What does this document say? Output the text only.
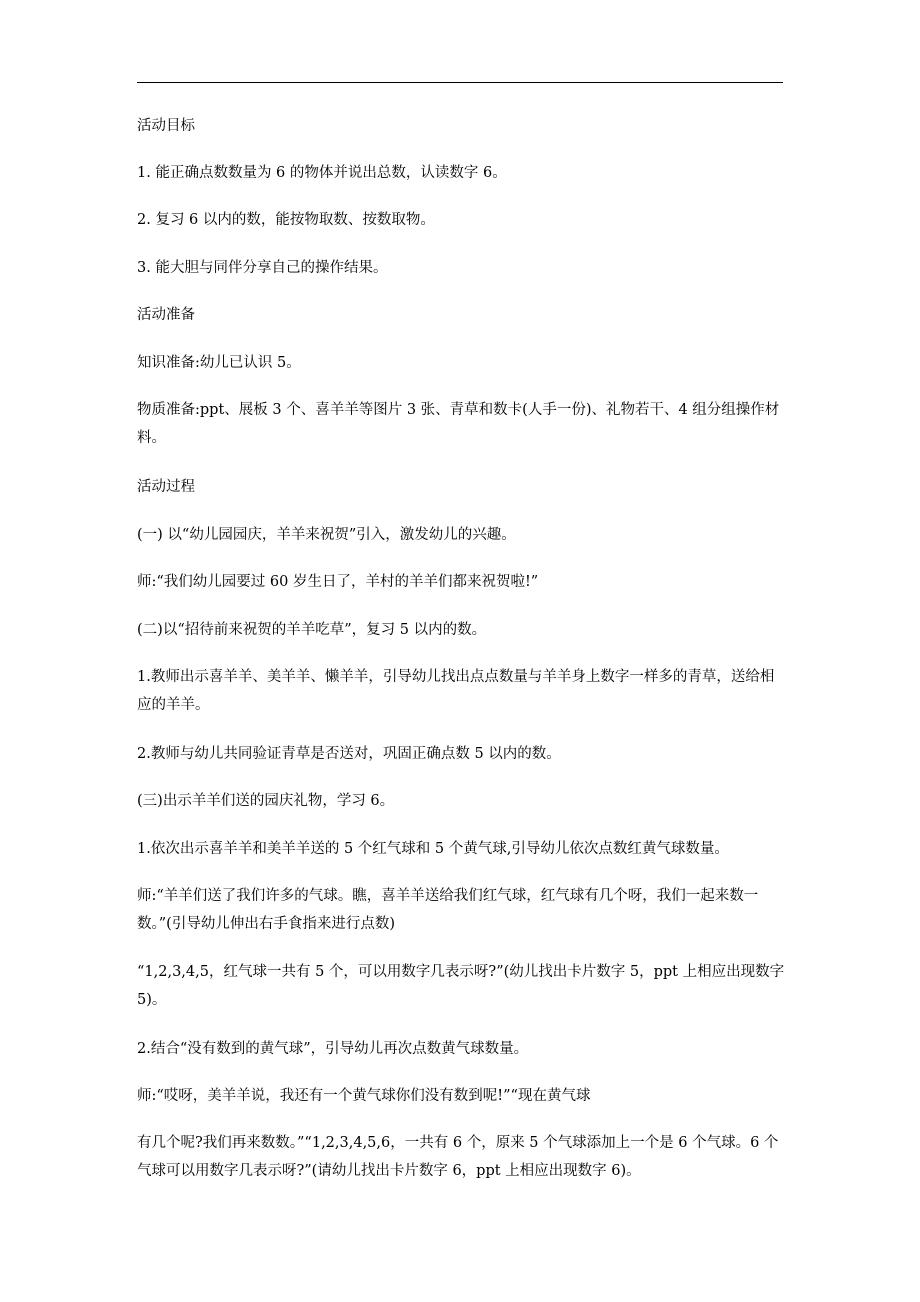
活动目标
1. 能正确点数数量为 6 的物体并说出总数，认读数字 6。
2. 复习 6 以内的数，能按物取数、按数取物。
3. 能大胆与同伴分享自己的操作结果。
活动准备
知识准备:幼儿已认识 5。
物质准备:ppt、展板 3 个、喜羊羊等图片 3 张、青草和数卡(人手一份)、礼物若干、4 组分组操作材料。
活动过程
(一) 以“幼儿园园庆，羊羊来祝贺”引入，激发幼儿的兴趣。
师:“我们幼儿园要过 60 岁生日了，羊村的羊羊们都来祝贺啦!”
(二)以“招待前来祝贺的羊羊吃草”，复习 5 以内的数。
1.教师出示喜羊羊、美羊羊、懒羊羊，引导幼儿找出点点数量与羊羊身上数字一样多的青草，送给相应的羊羊。
2.教师与幼儿共同验证青草是否送对，巩固正确点数 5 以内的数。
(三)出示羊羊们送的园庆礼物，学习 6。
1.依次出示喜羊羊和美羊羊送的 5 个红气球和 5 个黄气球,引导幼儿依次点数红黄气球数量。
师:“羊羊们送了我们许多的气球。瞧，喜羊羊送给我们红气球，红气球有几个呀，我们一起来数一数。”(引导幼儿伸出右手食指来进行点数)
“1,2,3,4,5，红气球一共有 5 个，可以用数字几表示呀?”(幼儿找出卡片数字 5，ppt 上相应出现数字 5)。
2.结合“没有数到的黄气球”，引导幼儿再次点数黄气球数量。
师:“哎呀，美羊羊说，我还有一个黄气球你们没有数到呢!”“现在黄气球
有几个呢?我们再来数数。”“1,2,3,4,5,6，一共有 6 个，原来 5 个气球添加上一个是 6 个气球。6 个气球可以用数字几表示呀?”(请幼儿找出卡片数字 6，ppt 上相应出现数字 6)。
